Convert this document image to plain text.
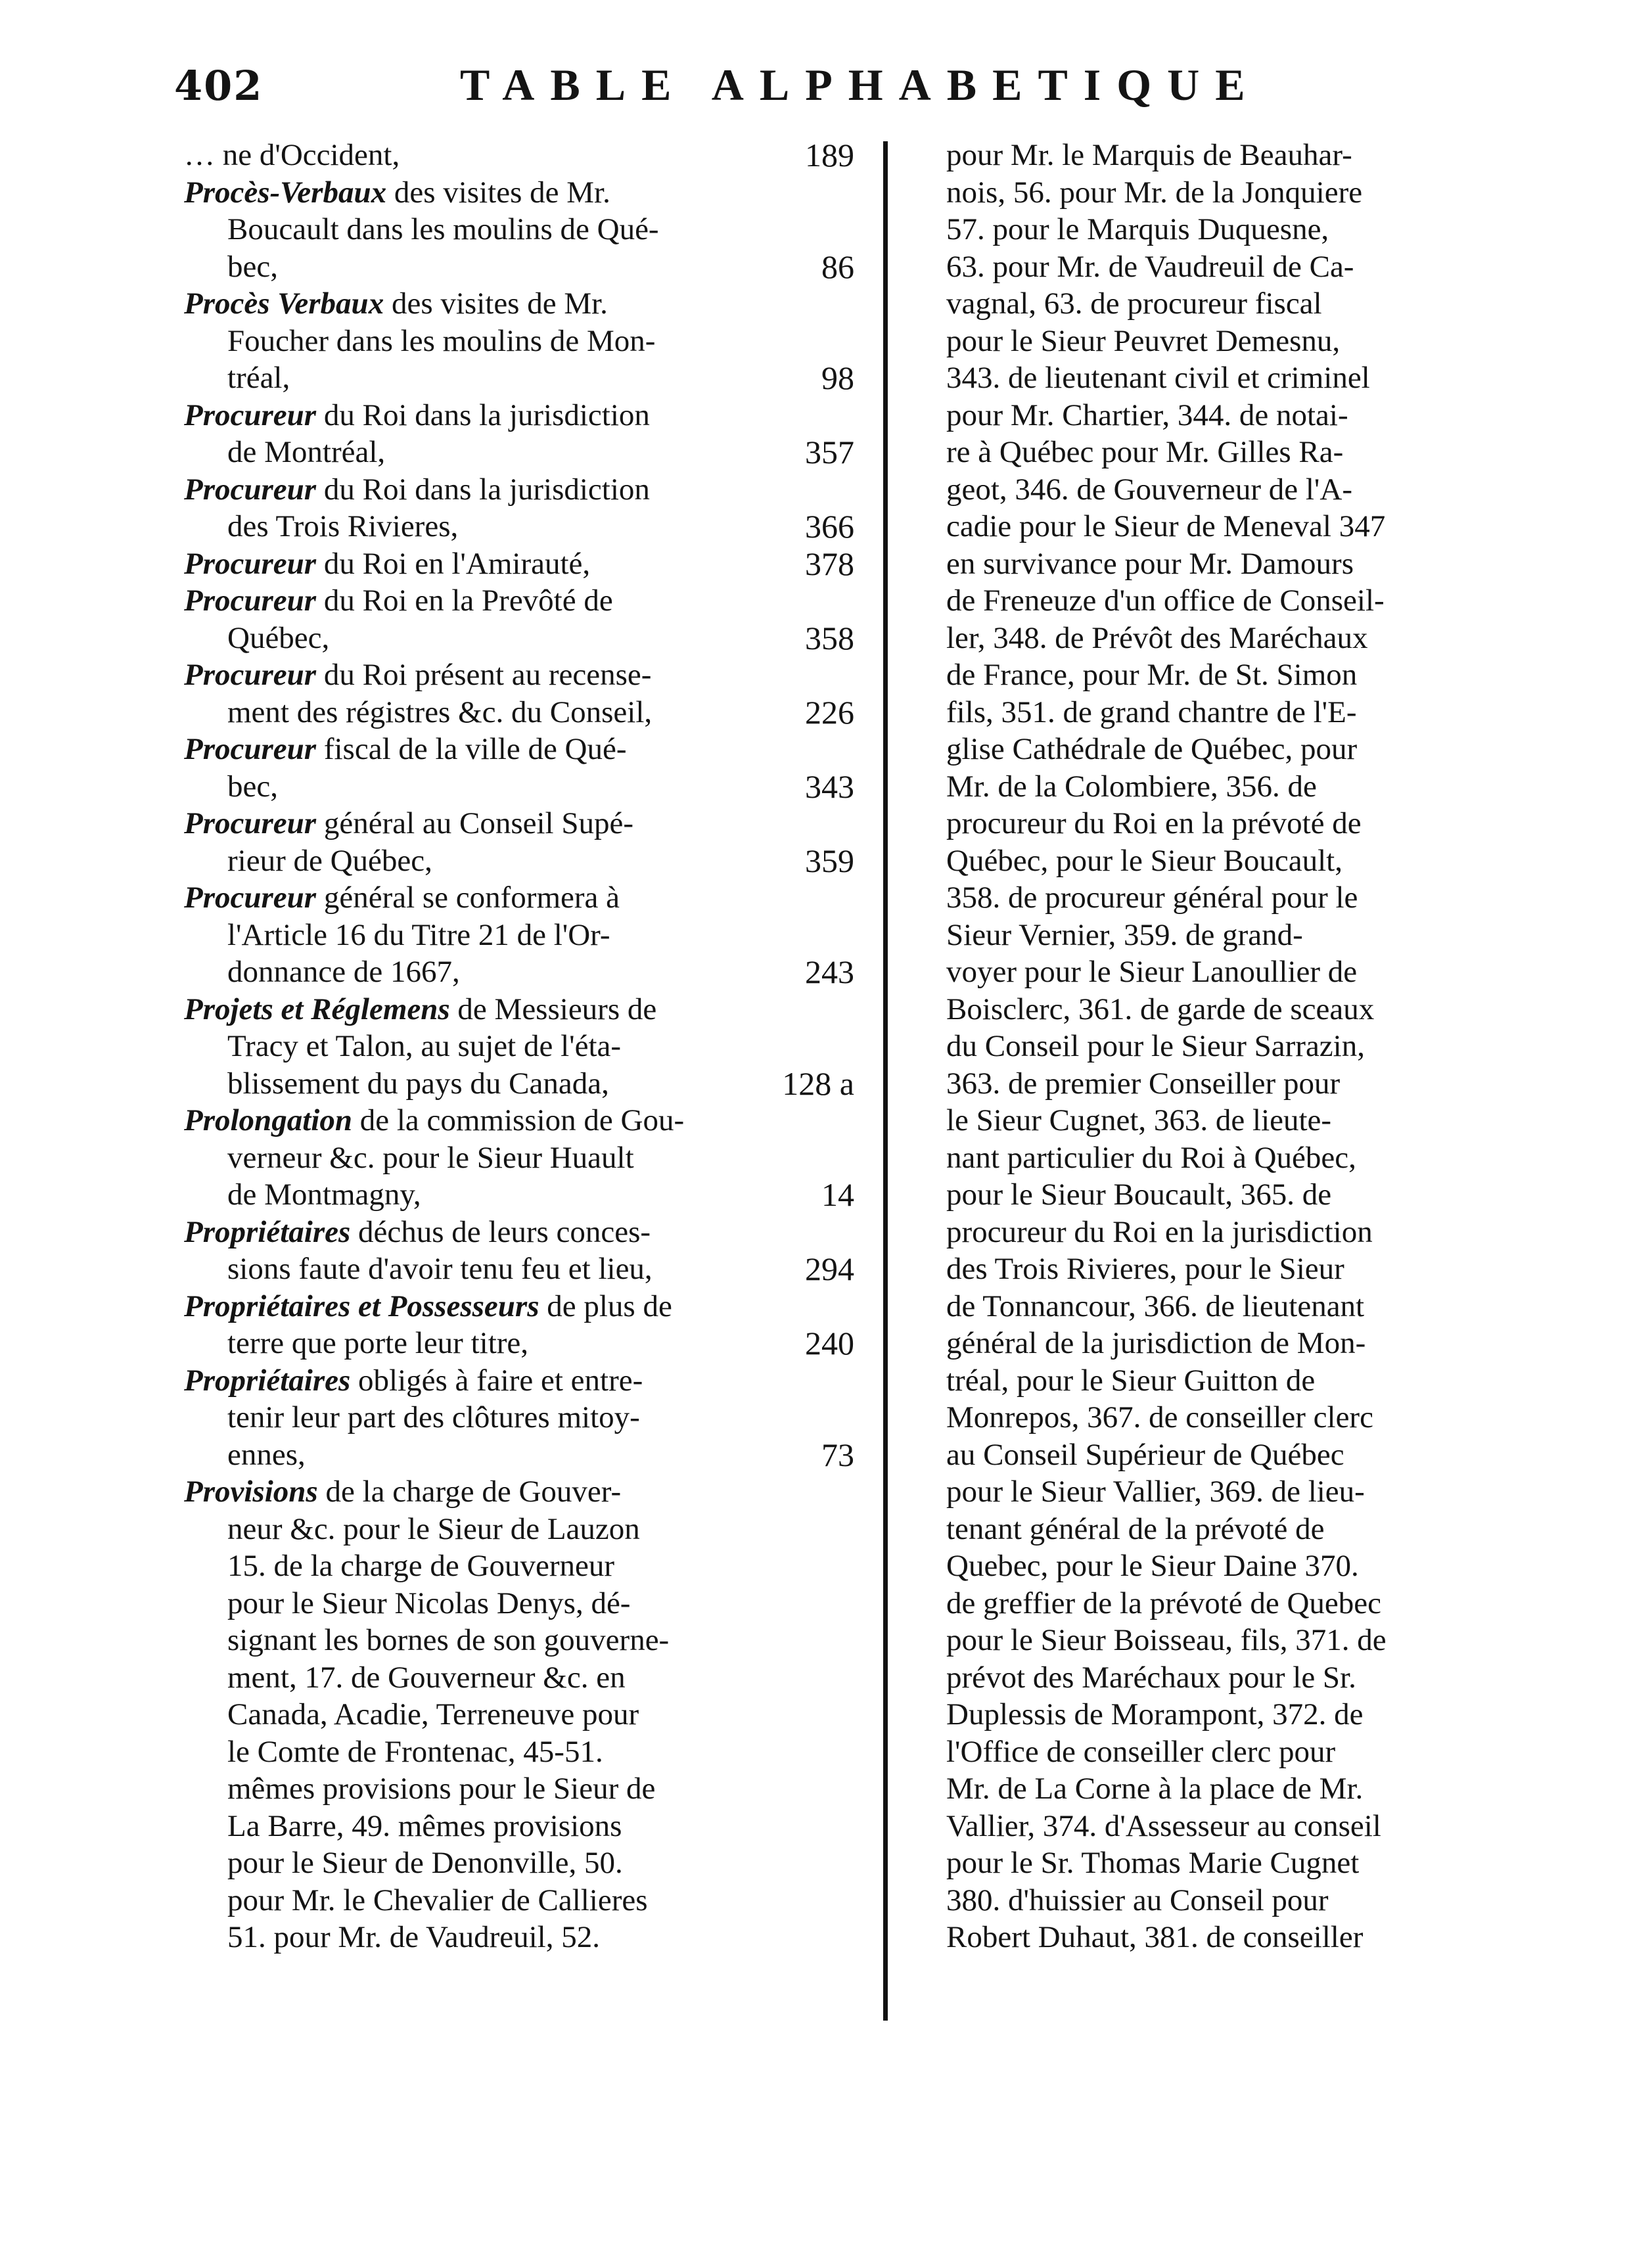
402	TABLE ALPHABETIQUE
… ne d'Occident,	189
Procès-Verbaux des visites de Mr.
Boucault dans les moulins de Qué-
bec,	86
Procès Verbaux des visites de Mr.
Foucher dans les moulins de Mon-
tréal,	98
Procureur du Roi dans la jurisdiction
de Montréal,	357
Procureur du Roi dans la jurisdiction
des Trois Rivieres,	366
Procureur du Roi en l'Amirauté,	378
Procureur du Roi en la Prevôté de
Québec,	358
Procureur du Roi présent au recense-
ment des régistres &c. du Conseil,	226
Procureur fiscal de la ville de Qué-
bec,	343
Procureur général au Conseil Supé-
rieur de Québec,	359
Procureur général se conformera à
l'Article 16 du Titre 21 de l'Or-
donnance de 1667,	243
Projets et Réglemens de Messieurs de
Tracy et Talon, au sujet de l'éta-
blissement du pays du Canada,	128 a
Prolongation de la commission de Gou-
verneur &c. pour le Sieur Huault
de Montmagny,	14
Propriétaires déchus de leurs conces-
sions faute d'avoir tenu feu et lieu,	294
Propriétaires et Possesseurs de plus de
terre que porte leur titre,	240
Propriétaires obligés à faire et entre-
tenir leur part des clôtures mitoy-
ennes,	73
Provisions de la charge de Gouver-
neur &c. pour le Sieur de Lauzon
15. de la charge de Gouverneur
pour le Sieur Nicolas Denys, dé-
signant les bornes de son gouverne-
ment, 17. de Gouverneur &c. en
Canada, Acadie, Terreneuve pour
le Comte de Frontenac, 45-51.
mêmes provisions pour le Sieur de
La Barre, 49. mêmes provisions
pour le Sieur de Denonville, 50.
pour Mr. le Chevalier de Callieres
51. pour Mr. de Vaudreuil, 52.
pour Mr. le Marquis de Beauhar-
nois, 56. pour Mr. de la Jonquiere
57. pour le Marquis Duquesne,
63. pour Mr. de Vaudreuil de Ca-
vagnal, 63. de procureur fiscal
pour le Sieur Peuvret Demesnu,
343. de lieutenant civil et criminel
pour Mr. Chartier, 344. de notai-
re à Québec pour Mr. Gilles Ra-
geot, 346. de Gouverneur de l'A-
cadie pour le Sieur de Meneval 347
en survivance pour Mr. Damours
de Freneuze d'un office de Conseil-
ler, 348. de Prévôt des Maréchaux
de France, pour Mr. de St. Simon
fils, 351. de grand chantre de l'E-
glise Cathédrale de Québec, pour
Mr. de la Colombiere, 356. de
procureur du Roi en la prévoté de
Québec, pour le Sieur Boucault,
358. de procureur général pour le
Sieur Vernier, 359. de grand-
voyer pour le Sieur Lanoullier de
Boisclerc, 361. de garde de sceaux
du Conseil pour le Sieur Sarrazin,
363. de premier Conseiller pour
le Sieur Cugnet, 363. de lieute-
nant particulier du Roi à Québec,
pour le Sieur Boucault, 365. de
procureur du Roi en la jurisdiction
des Trois Rivieres, pour le Sieur
de Tonnancour, 366. de lieutenant
général de la jurisdiction de Mon-
tréal, pour le Sieur Guitton de
Monrepos, 367. de conseiller clerc
au Conseil Supérieur de Québec
pour le Sieur Vallier, 369. de lieu-
tenant général de la prévoté de
Quebec, pour le Sieur Daine 370.
de greffier de la prévoté de Quebec
pour le Sieur Boisseau, fils, 371. de
prévot des Maréchaux pour le Sr.
Duplessis de Morampont, 372. de
l'Office de conseiller clerc pour
Mr. de La Corne à la place de Mr.
Vallier, 374. d'Assesseur au conseil
pour le Sr. Thomas Marie Cugnet
380. d'huissier au Conseil pour
Robert Duhaut, 381. de conseiller
